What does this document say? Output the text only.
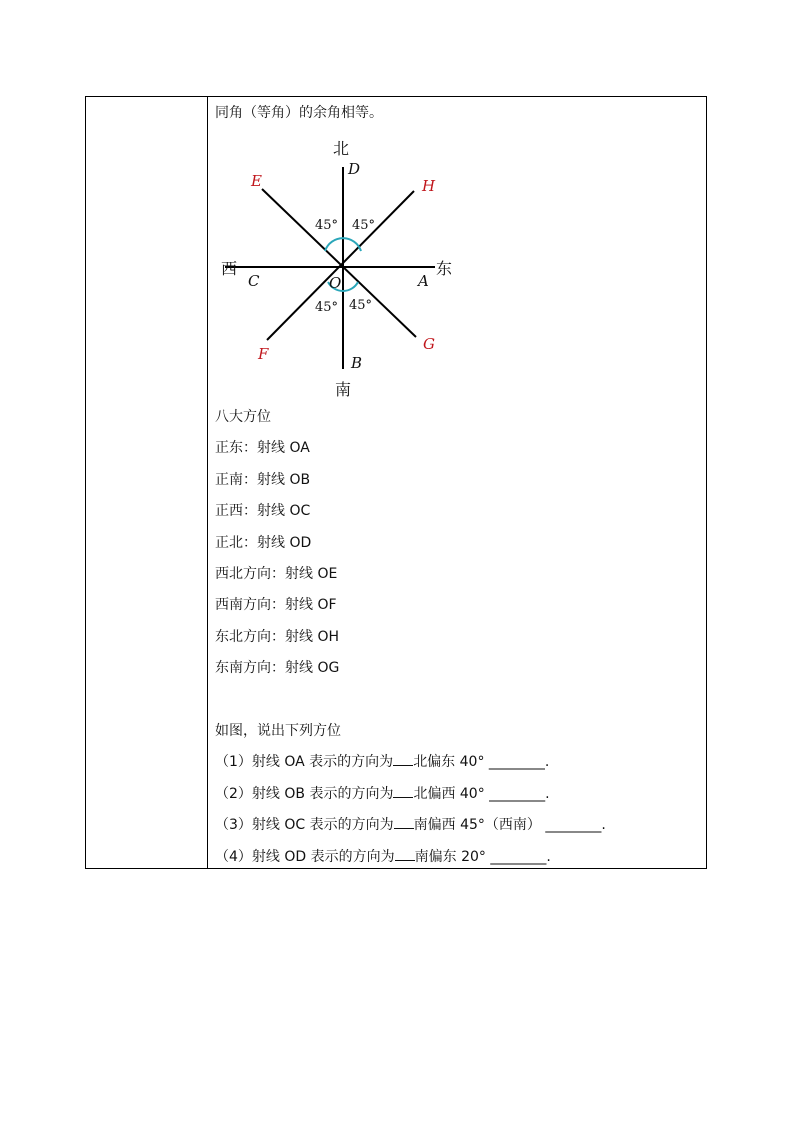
同角（等角）的余角相等。
北
南
西	东
D
B
C	A
O
E	H
F
G
45° 45°
45° 45°
八大方位
正东：射线 OA
正南：射线 OB
正西：射线 OC
正北：射线 OD
西北方向：射线 OE
西南方向：射线 OF
东北方向：射线 OH
东南方向：射线 OG
如图，说出下列方位
（1）射线 OA 表示的方向为 北偏东 40° ________.
（2）射线 OB 表示的方向为 北偏西 40° ________.
（3）射线 OC 表示的方向为 南偏西 45°（西南） ________.
（4）射线 OD 表示的方向为 南偏东 20° ________.
